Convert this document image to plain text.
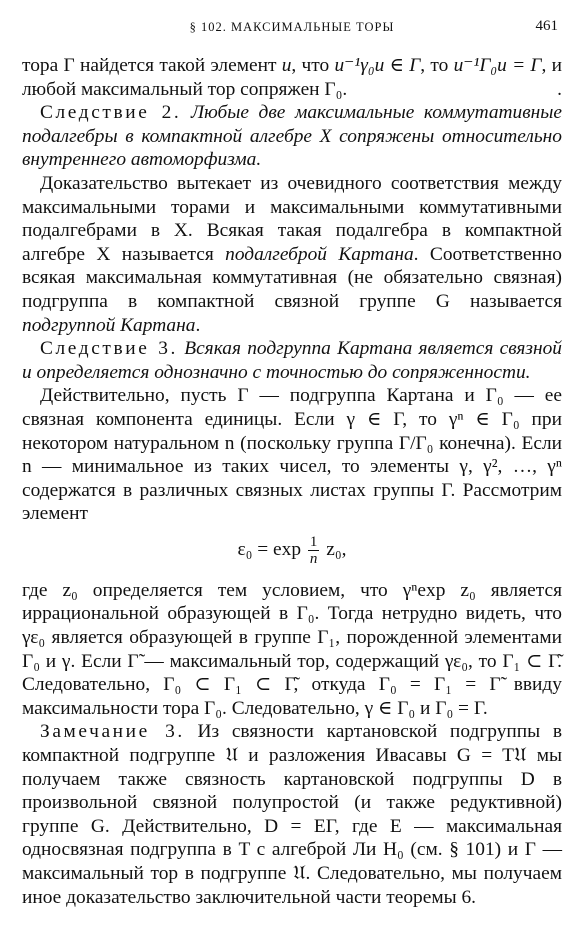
§ 102. МАКСИМАЛЬНЫЕ ТОРЫ	461

тора Г найдется такой элемент u, что u⁻¹γ₀u ∈ Г, то u⁻¹Г₀u = Г, и любой максимальный тор сопряжен Г₀.	.

Следствие 2. Любые две максимальные коммутативные подалгебры в компактной алгебре X сопряжены относительно внутреннего автоморфизма.

Доказательство вытекает из очевидного соответствия между максимальными торами и максимальными коммутативными подалгебрами в X. Всякая такая подалгебра в компактной алгебре X называется подалгеброй Картана. Соответственно всякая максимальная коммутативная (не обязательно связная) подгруппа в компактной связной группе G называется подгруппой Картана.

Следствие 3. Всякая подгруппа Картана является связной и определяется однозначно с точностью до сопряженности.

Действительно, пусть Г — подгруппа Картана и Г₀ — ее связная компонента единицы. Если γ ∈ Г, то γⁿ ∈ Г₀ при некотором натуральном n (поскольку группа Г/Г₀ конечна). Если n — минимальное из таких чисел, то элементы γ, γ², …, γⁿ содержатся в различных связных листах группы Г. Рассмотрим элемент

$\varepsilon_0 = \exp \frac{1}{n} z_0$,

где z₀ определяется тем условием, что γⁿexp z₀ является иррациональной образующей в Г₀. Тогда нетрудно видеть, что γε₀ является образующей в группе Г₁, порожденной элементами Г₀ и γ. Если Г̃ — максимальный тор, содержащий γε₀, то Г₁ ⊂ Г̃. Следовательно, Г₀ ⊂ Г₁ ⊂ Г̃, откуда Г₀ = Г₁ = Г̃ ввиду максимальности тора Г₀. Следовательно, γ ∈ Г₀ и Г₀ = Г.

Замечание 3. Из связности картановской подгруппы в компактной подгруппе 𝔘 и разложения Ивасавы G = T𝔘 мы получаем также связность картановской подгруппы D в произвольной связной полупростой (и также редуктивной) группе G. Действительно, D = EГ, где E — максимальная односвязная подгруппа в T с алгеброй Ли H₀ (см. § 101) и Г — максимальный тор в подгруппе 𝔘. Следовательно, мы получаем иное доказательство заключительной части теоремы 6.
